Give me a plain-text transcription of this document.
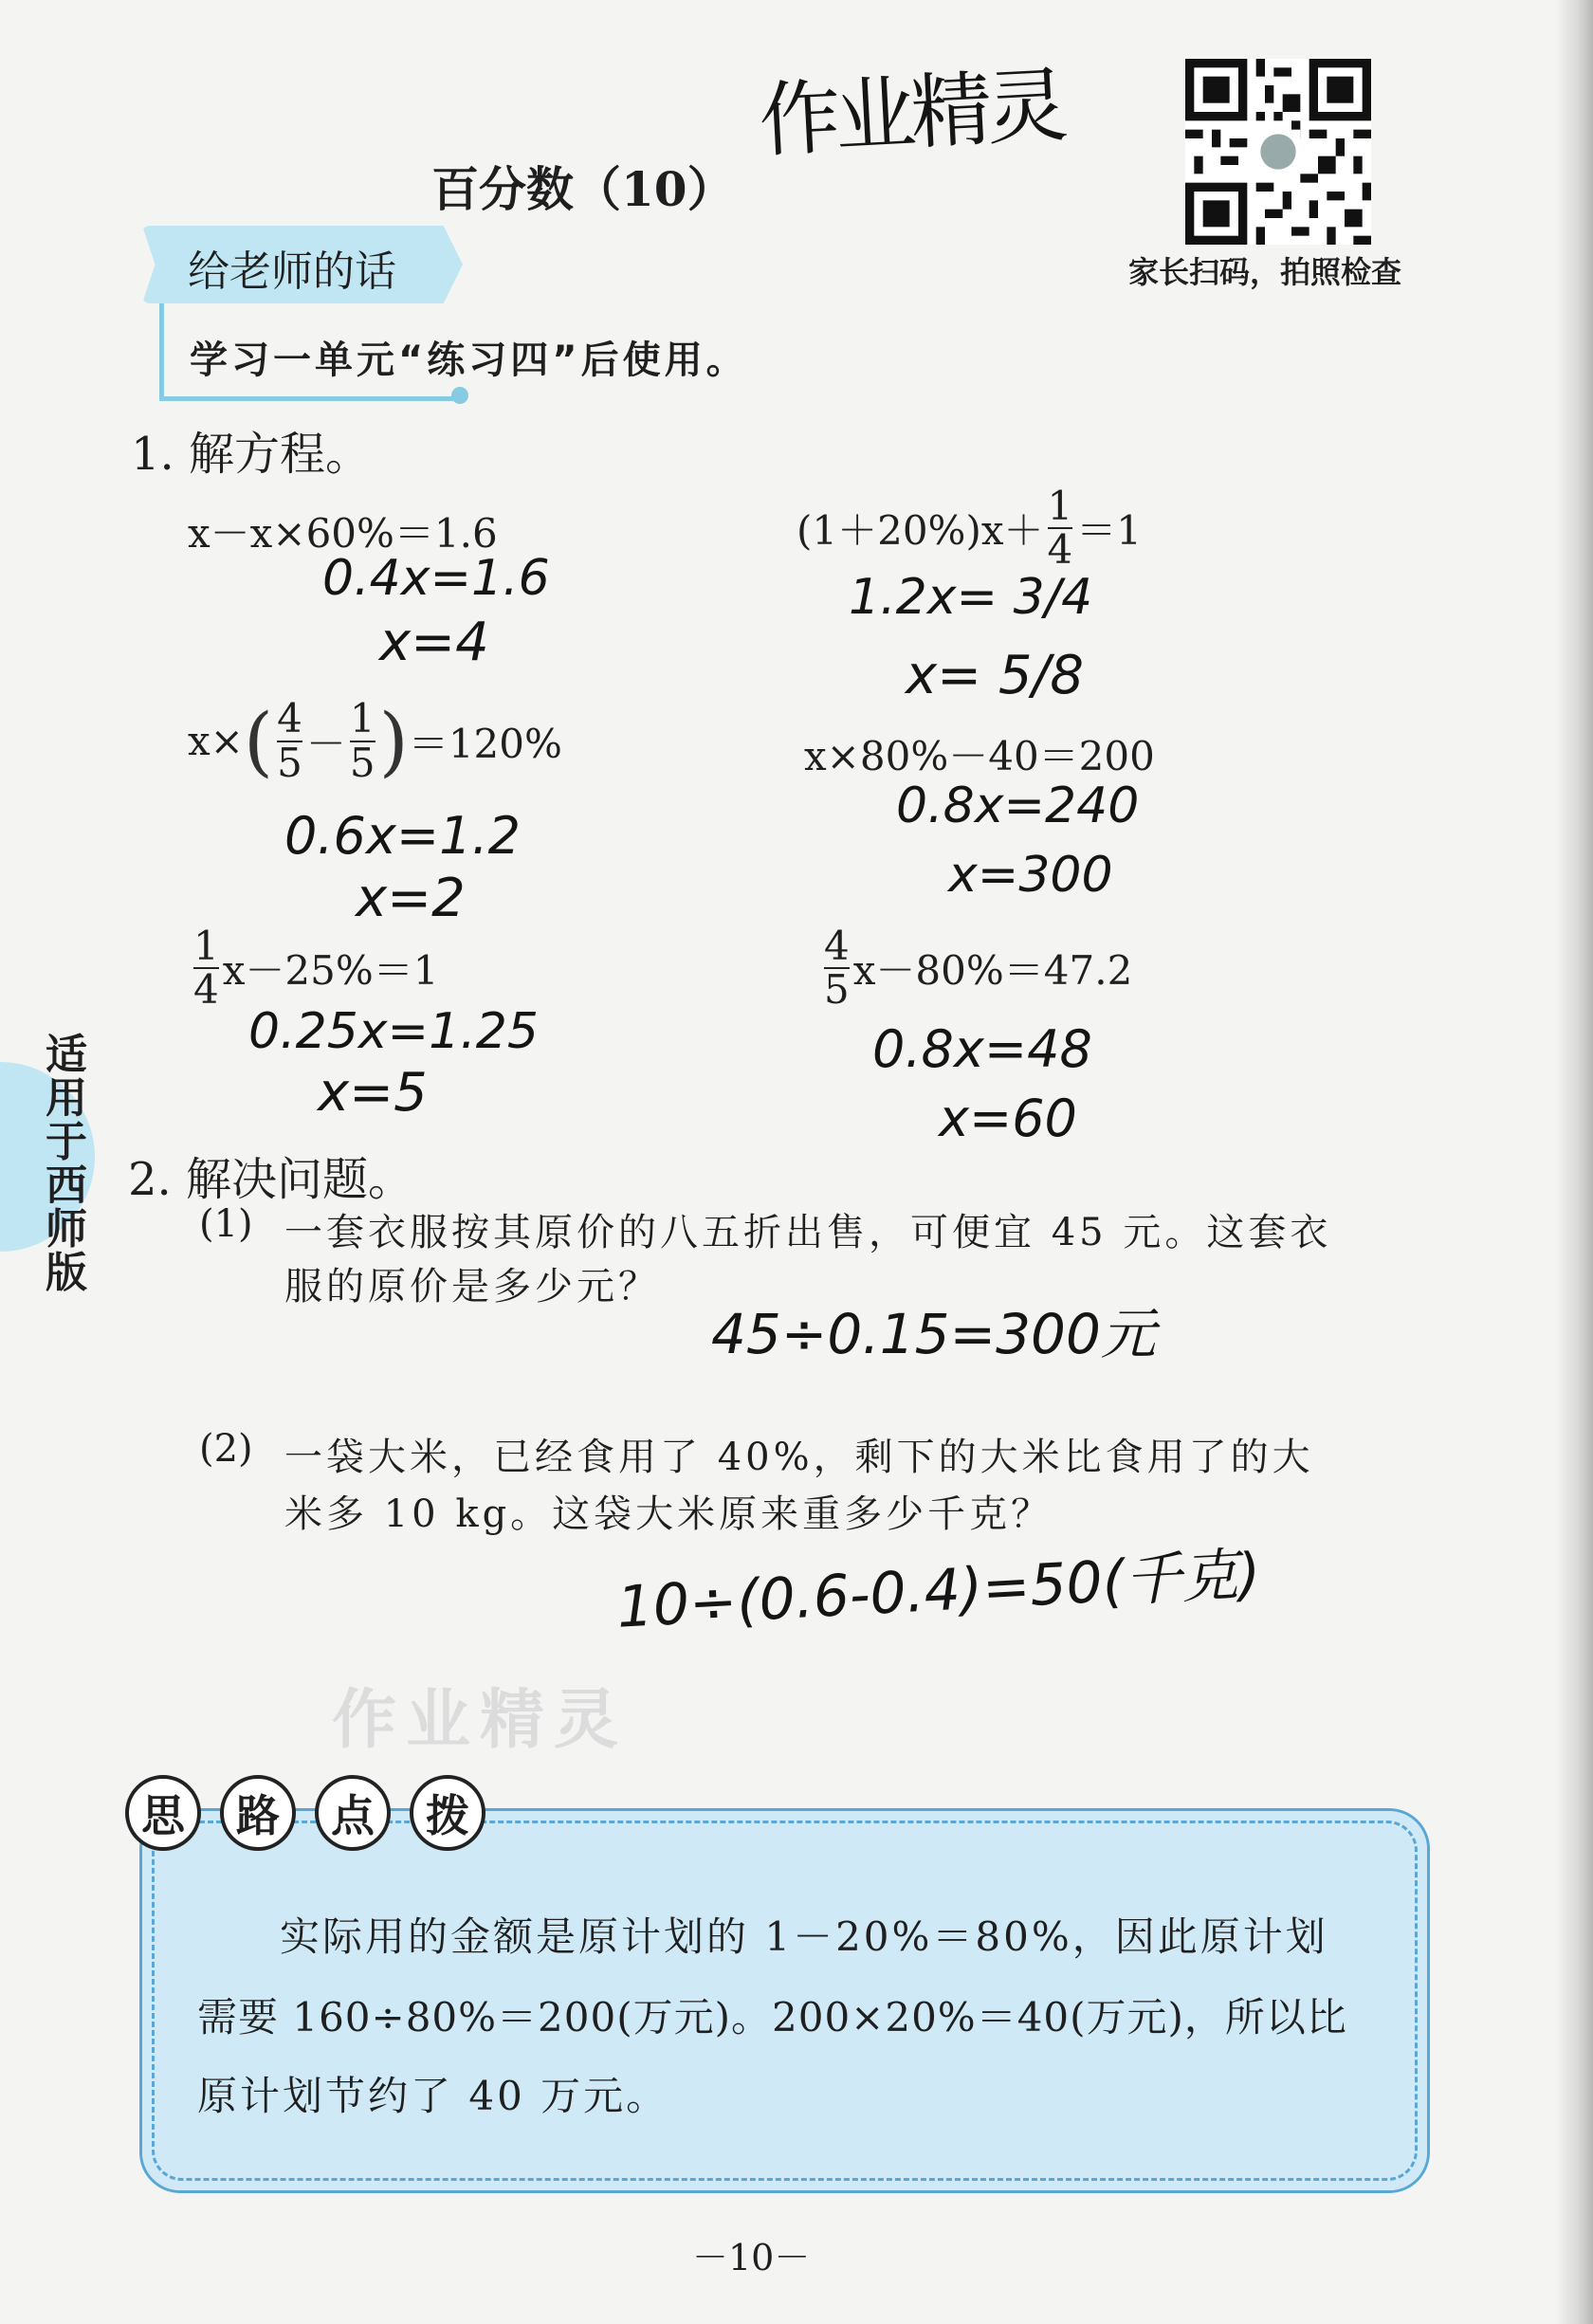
作业精灵
百分数（10）
家长扫码，拍照检查
给老师的话
学习一单元“练习四”后使用。
适用于西师版
1. 解方程。
x－x×60%＝1.6
0.4x=1.6
x=4
$(1+20\%)x+ \frac{1}{4} =1$
1.2x= 3/4
x= 5/8
x× ( $\frac{4}{5} - \frac{1}{5}$ ) ＝120%
0.6x=1.2
x=2
x×80%－40＝200
0.8x=240
x=300
$\frac{1}{4} x-25\%=1$
0.25x=1.25
x=5
$\frac{4}{5} x-80\%=47.2$
0.8x=48
x=60
2. 解决问题。
(1) 一套衣服按其原价的八五折出售，可便宜 45 元。这套衣
服的原价是多少元？
45÷0.15=300元
(2) 一袋大米，已经食用了 40%，剩下的大米比食用了的大
米多 10 kg。这袋大米原来重多少千克？
10÷(0.6-0.4)=50(千克)
作业精灵
思	路	点	拨
实际用的金额是原计划的 1－20%＝80%，因此原计划
需要 160÷80%＝200(万元)。200×20%＝40(万元)，所以比
原计划节约了 40 万元。
－10－
